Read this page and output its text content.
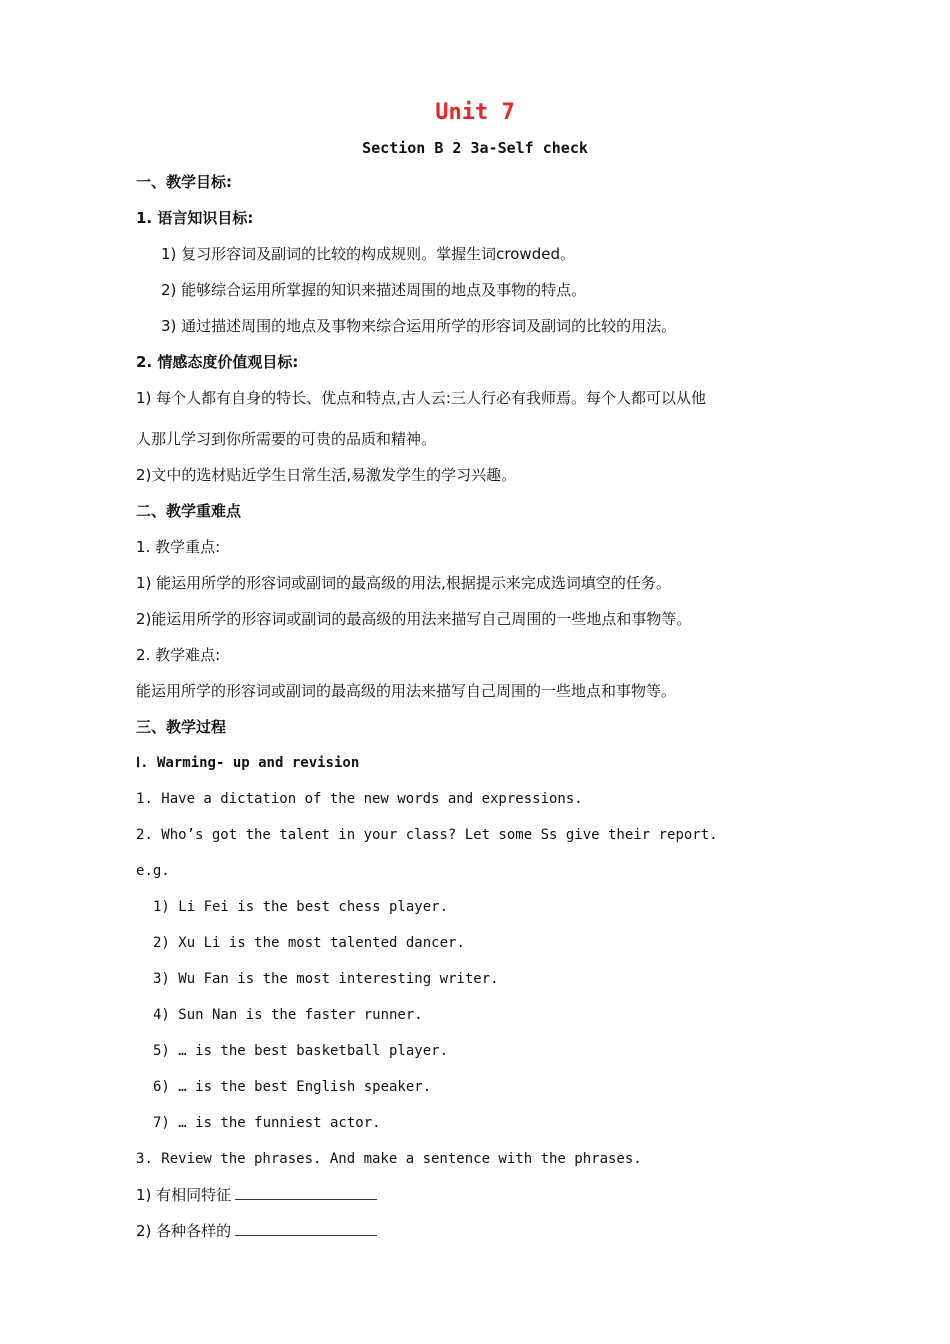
Unit 7
Section B 2 3a-Self check
一、教学目标:
1. 语言知识目标:
1) 复习形容词及副词的比较的构成规则。掌握生词crowded。
2) 能够综合运用所掌握的知识来描述周围的地点及事物的特点。
3) 通过描述周围的地点及事物来综合运用所学的形容词及副词的比较的用法。
2. 情感态度价值观目标:
1) 每个人都有自身的特长、优点和特点,古人云:三人行必有我师焉。每个人都可以从他
人那儿学习到你所需要的可贵的品质和精神。
2)文中的选材贴近学生日常生活,易激发学生的学习兴趣。
二、教学重难点
1. 教学重点:
1) 能运用所学的形容词或副词的最高级的用法,根据提示来完成选词填空的任务。
2)能运用所学的形容词或副词的最高级的用法来描写自己周围的一些地点和事物等。
2. 教学难点:
能运用所学的形容词或副词的最高级的用法来描写自己周围的一些地点和事物等。
三、教学过程
Ⅰ. Warming- up and revision
1. Have a dictation of the new words and expressions.
2. Who’s got the talent in your class? Let some Ss give their report.
e.g.
1) Li Fei is the best chess player.
2) Xu Li is the most talented dancer.
3) Wu Fan is the most interesting writer.
4) Sun Nan is the faster runner.
5) … is the best basketball player.
6) … is the best English speaker.
7) … is the funniest actor.
3. Review the phrases. And make a sentence with the phrases.
1) 有相同特征
2) 各种各样的
